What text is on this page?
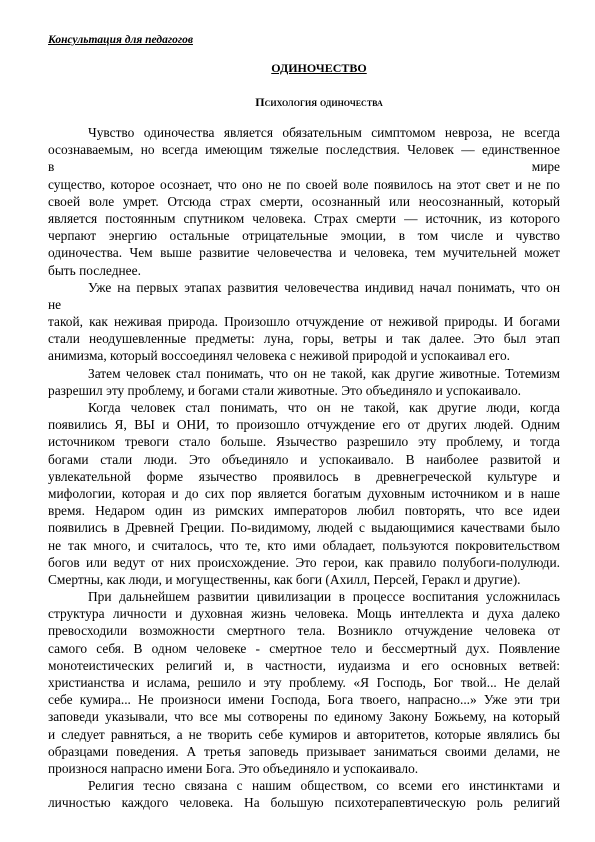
Консультация для педагогов
ОДИНОЧЕСТВО
Психология одиночества
Чувство одиночества является обязательным симптомом невроза, не всегда
осознаваемым, но всегда имеющим тяжелые последствия. Человек — единственное
в мире
существо, которое осознает, что оно не по своей воле появилось на этот свет и не по
своей воле умрет. Отсюда страх смерти, осознанный или неосознанный, который
является постоянным спутником человека. Страх смерти — источник, из которого
черпают энергию остальные отрицательные эмоции, в том числе и чувство
одиночества. Чем выше развитие человечества и человека, тем мучительней может
быть последнее.
Уже на первых этапах развития человечества индивид начал понимать, что он
не
такой, как неживая природа. Произошло отчуждение от неживой природы. И богами
стали неодушевленные предметы: луна, горы, ветры и так далее. Это был этап
анимизма, который воссоединял человека с неживой природой и успокаивал его.
Затем человек стал понимать, что он не такой, как другие животные. Тотемизм
разрешил эту проблему, и богами стали животные. Это объединяло и успокаивало.
Когда человек стал понимать, что он не такой, как другие люди, когда
появились Я, ВЫ и ОНИ, то произошло отчуждение его от других людей. Одним
источником тревоги стало больше. Язычество разрешило эту проблему, и тогда
богами стали люди. Это объединяло и успокаивало. В наиболее развитой и
увлекательной форме язычество проявилось в древнегреческой культуре и
мифологии, которая и до сих пор является богатым духовным источником и в наше
время. Недаром один из римских императоров любил повторять, что все идеи
появились в Древней Греции. По-видимому, людей с выдающимися качествами было
не так много, и считалось, что те, кто ими обладает, пользуются покровительством
богов или ведут от них происхождение. Это герои, как правило полубоги-полулюди.
Смертны, как люди, и могущественны, как боги (Ахилл, Персей, Геракл и другие).
При дальнейшем развитии цивилизации в процессе воспитания усложнилась
структура личности и духовная жизнь человека. Мощь интеллекта и духа далеко
превосходили возможности смертного тела. Возникло отчуждение человека от
самого себя. В одном человеке - смертное тело и бессмертный дух. Появление
монотеистических религий и, в частности, иудаизма и его основных ветвей:
христианства и ислама, решило и эту проблему. «Я Господь, Бог твой... Не делай
себе кумира... Не произноси имени Господа, Бога твоего, напрасно...» Уже эти три
заповеди указывали, что все мы сотворены по единому Закону Божьему, на который
и следует равняться, а не творить себе кумиров и авторитетов, которые являлись бы
образцами поведения. А третья заповедь призывает заниматься своими делами, не
произнося напрасно имени Бога. Это объединяло и успокаивало.
Религия тесно связана с нашим обществом, со всеми его инстинктами и
личностью каждого человека. На большую психотерапевтическую роль религий
